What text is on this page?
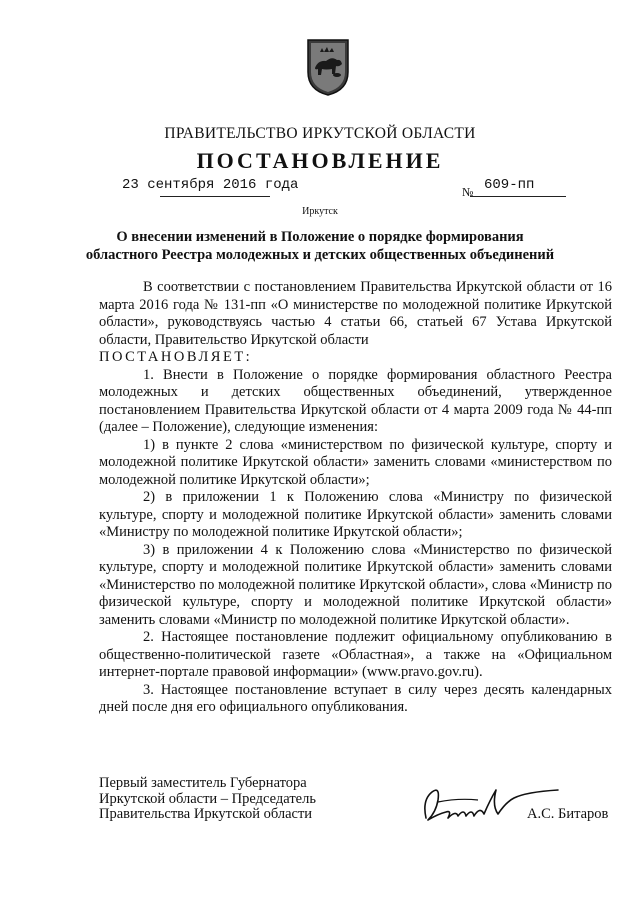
ПРАВИТЕЛЬСТВО ИРКУТСКОЙ ОБЛАСТИ
ПОСТАНОВЛЕНИЕ
23 сентября 2016 года	№ 609-пп
Иркутск
О внесении изменений в Положение о порядке формирования
областного Реестра молодежных и детских общественных объединений

В соответствии с постановлением Правительства Иркутской области от 16 марта 2016 года № 131-пп «О министерстве по молодежной политике Иркутской области», руководствуясь частью 4 статьи 66, статьей 67 Устава Иркутской области, Правительство Иркутской области

ПОСТАНОВЛЯЕТ:

1. Внести в Положение о порядке формирования областного Реестра молодежных и детских общественных объединений, утвержденное постановлением Правительства Иркутской области от 4 марта 2009 года № 44-пп (далее – Положение), следующие изменения:

1) в пункте 2 слова «министерством по физической культуре, спорту и молодежной политике Иркутской области» заменить словами «министерством по молодежной политике Иркутской области»;

2) в приложении 1 к Положению слова «Министру по физической культуре, спорту и молодежной политике Иркутской области» заменить словами «Министру по молодежной политике Иркутской области»;

3) в приложении 4 к Положению слова «Министерство по физической культуре, спорту и молодежной политике Иркутской области» заменить словами «Министерство по молодежной политике Иркутской области», слова «Министр по физической культуре, спорту и молодежной политике Иркутской области» заменить словами «Министр по молодежной политике Иркутской области».

2. Настоящее постановление подлежит официальному опубликованию в общественно-политической газете «Областная», а также на «Официальном интернет-портале правовой информации» (www.pravo.gov.ru).

3. Настоящее постановление вступает в силу через десять календарных дней после дня его официального опубликования.

Первый заместитель Губернатора
Иркутской области – Председатель
Правительства Иркутской области	А.С. Битаров
